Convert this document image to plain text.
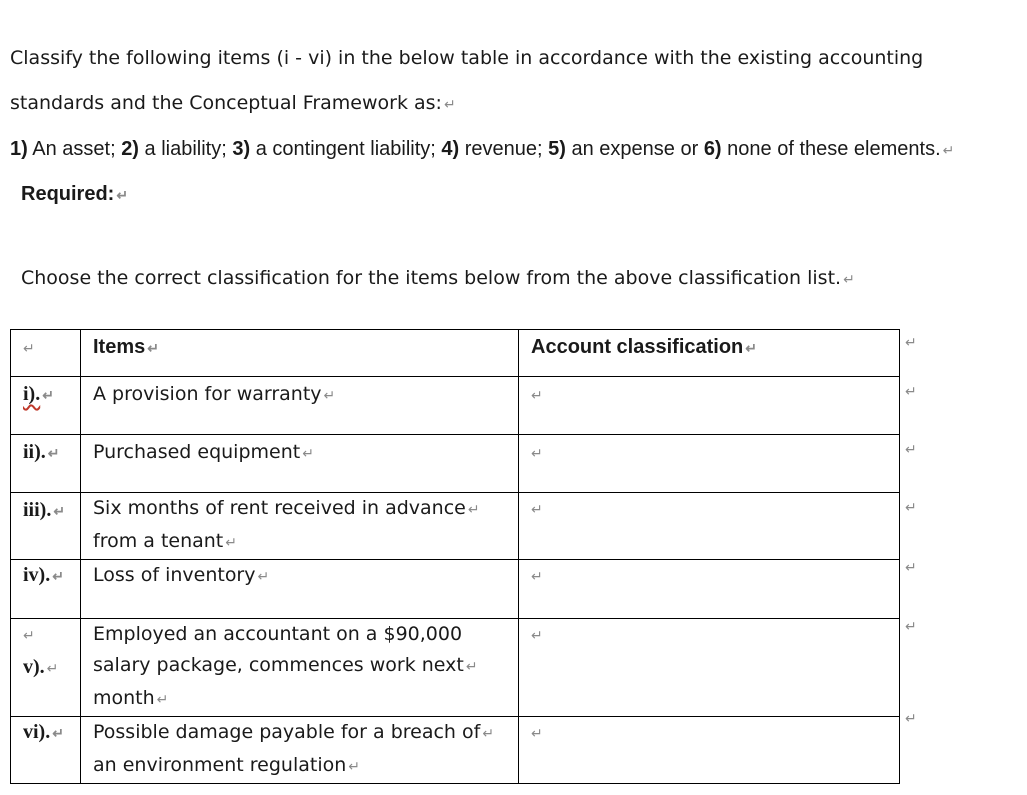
Classify the following items (i - vi) in the below table in accordance with the existing accounting
standards and the Conceptual Framework as: ↵
1) An asset; 2) a liability; 3) a contingent liability; 4) revenue; 5) an expense or 6) none of these elements. ↵
Required: ↵
Choose the correct classification for the items below from the above classification list. ↵
↵	Items ↵	Account classification ↵

i). ↵	A provision for warranty ↵	↵

ii). ↵	Purchased equipment ↵	↵

iii). ↵	Six months of rent received in advance ↵
from a tenant ↵	↵

iv). ↵	Loss of inventory ↵	↵

↵
v). ↵	Employed an accountant on a $90,000
salary package, commences work next ↵
month ↵	↵

vi). ↵	Possible damage payable for a breach of ↵
an environment regulation ↵	↵
↵
↵
↵
↵
↵
↵
↵
